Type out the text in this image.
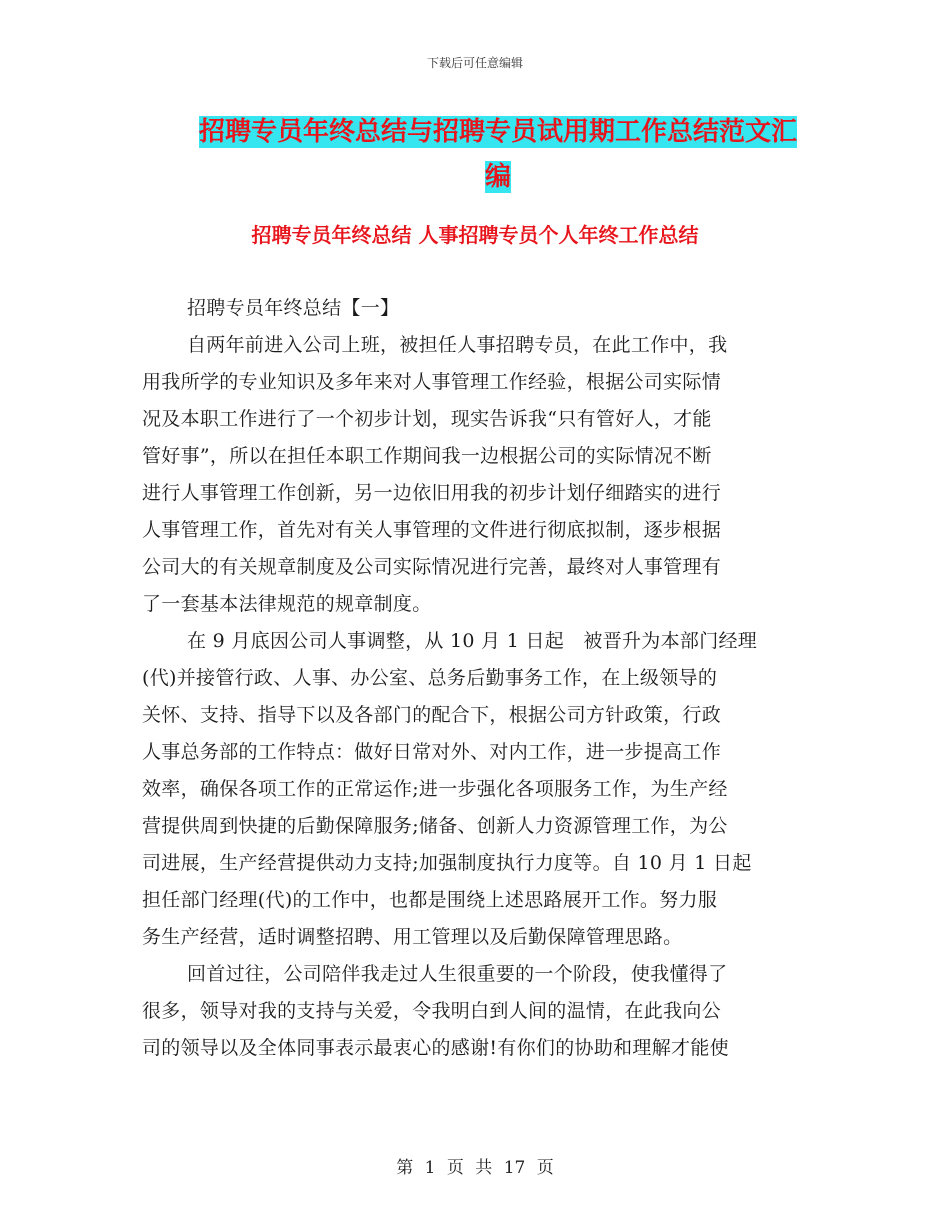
下载后可任意编辑
招聘专员年终总结与招聘专员试用期工作总结范文汇
编
招聘专员年终总结 人事招聘专员个人年终工作总结
招聘专员年终总结【一】
自两年前进入公司上班，被担任人事招聘专员，在此工作中，我
用我所学的专业知识及多年来对人事管理工作经验，根据公司实际情
况及本职工作进行了一个初步计划，现实告诉我“只有管好人，才能
管好事”，所以在担任本职工作期间我一边根据公司的实际情况不断
进行人事管理工作创新，另一边依旧用我的初步计划仔细踏实的进行
人事管理工作，首先对有关人事管理的文件进行彻底拟制，逐步根据
公司大的有关规章制度及公司实际情况进行完善，最终对人事管理有
了一套基本法律规范的规章制度。
在 9 月底因公司人事调整，从 10 月 1 日起　被晋升为本部门经理
(代)并接管行政、人事、办公室、总务后勤事务工作，在上级领导的
关怀、支持、指导下以及各部门的配合下，根据公司方针政策，行政
人事总务部的工作特点：做好日常对外、对内工作，进一步提高工作
效率，确保各项工作的正常运作;进一步强化各项服务工作，为生产经
营提供周到快捷的后勤保障服务;储备、创新人力资源管理工作，为公
司进展，生产经营提供动力支持;加强制度执行力度等。自 10 月 1 日起
担任部门经理(代)的工作中，也都是围绕上述思路展开工作。努力服
务生产经营，适时调整招聘、用工管理以及后勤保障管理思路。
回首过往，公司陪伴我走过人生很重要的一个阶段，使我懂得了
很多，领导对我的支持与关爱，令我明白到人间的温情，在此我向公
司的领导以及全体同事表示最衷心的感谢!有你们的协助和理解才能使
第 1 页 共 17 页
